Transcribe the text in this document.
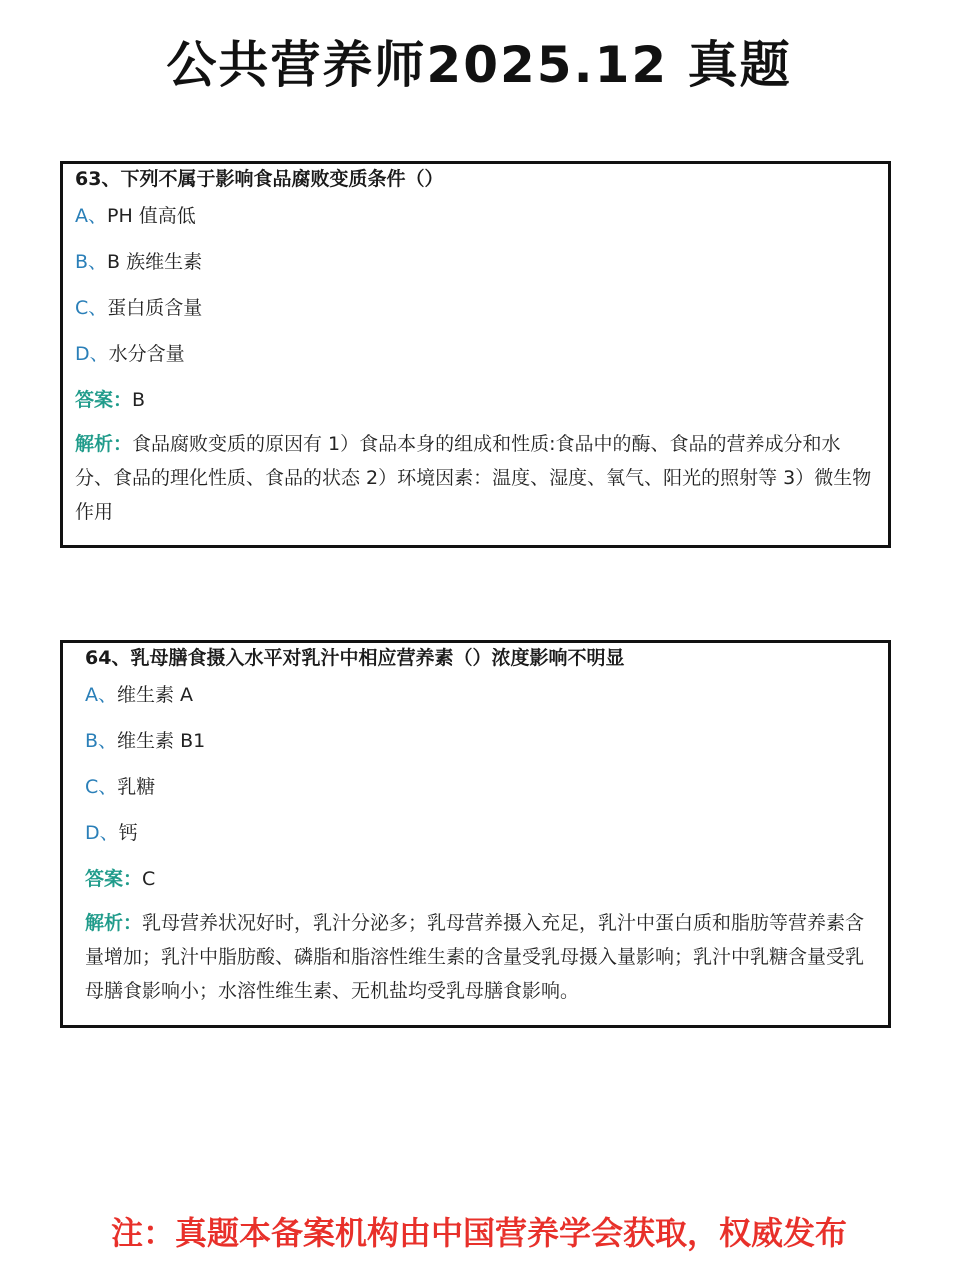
公共营养师2025.12 真题
63、下列不属于影响食品腐败变质条件（）
A、PH 值高低
B、B 族维生素
C、蛋白质含量
D、水分含量
答案：B
解析：食品腐败变质的原因有 1）食品本身的组成和性质:食品中的酶、食品的营养成分和水分、食品的理化性质、食品的状态 2）环境因素：温度、湿度、氧气、阳光的照射等 3）微生物作用
64、乳母膳食摄入水平对乳汁中相应营养素（）浓度影响不明显
A、维生素 A
B、维生素 B1
C、乳糖
D、钙
答案：C
解析：乳母营养状况好时，乳汁分泌多；乳母营养摄入充足，乳汁中蛋白质和脂肪等营养素含量增加；乳汁中脂肪酸、磷脂和脂溶性维生素的含量受乳母摄入量影响；乳汁中乳糖含量受乳母膳食影响小；水溶性维生素、无机盐均受乳母膳食影响。
注：真题本备案机构由中国营养学会获取，权威发布
